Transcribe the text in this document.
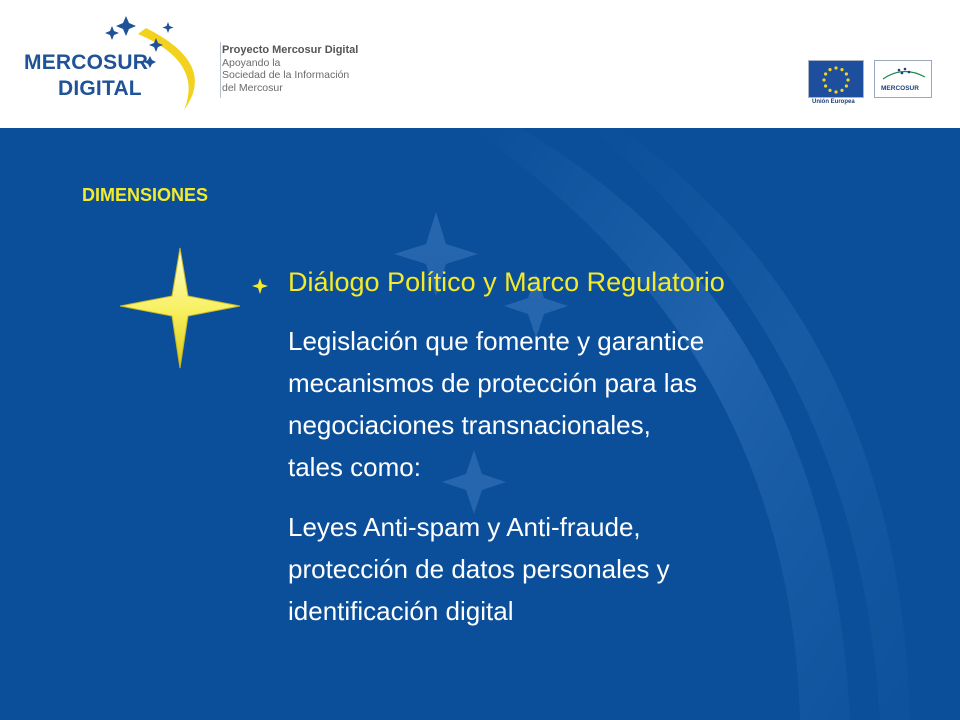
MERCOSUR
DIGITAL
Proyecto Mercosur Digital
Apoyando la
Sociedad de la Información
del Mercosur
Unión Europea
MERCOSUR
DIMENSIONES
Diálogo Político y Marco Regulatorio
Legislación que fomente y garantice
mecanismos de protección para las
negociaciones transnacionales,
tales como:
Leyes Anti-spam y Anti-fraude,
protección de datos personales y
identificación digital
